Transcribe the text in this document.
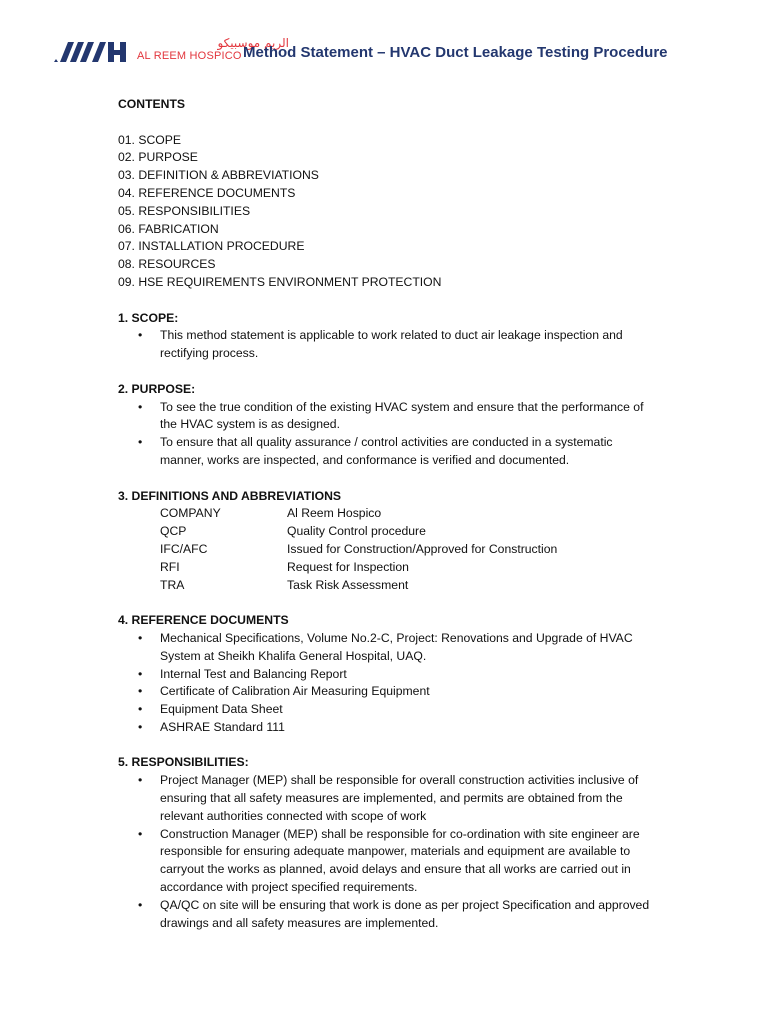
الريم موسبيكو
AL REEM HOSPICO Method Statement – HVAC Duct Leakage Testing Procedure
CONTENTS
01. SCOPE
02. PURPOSE
03. DEFINITION & ABBREVIATIONS
04. REFERENCE DOCUMENTS
05. RESPONSIBILITIES
06. FABRICATION
07. INSTALLATION PROCEDURE
08. RESOURCES
09. HSE REQUIREMENTS ENVIRONMENT PROTECTION
1. SCOPE:
• This method statement is applicable to work related to duct air leakage inspection and rectifying process.
2. PURPOSE:
• To see the true condition of the existing HVAC system and ensure that the performance of the HVAC system is as designed.
• To ensure that all quality assurance / control activities are conducted in a systematic manner, works are inspected, and conformance is verified and documented.
3. DEFINITIONS AND ABBREVIATIONS
COMPANY	Al Reem Hospico
QCP	Quality Control procedure
IFC/AFC	Issued for Construction/Approved for Construction
RFI	Request for Inspection
TRA	Task Risk Assessment
4. REFERENCE DOCUMENTS
• Mechanical Specifications, Volume No.2-C, Project: Renovations and Upgrade of HVAC System at Sheikh Khalifa General Hospital, UAQ.
• Internal Test and Balancing Report
• Certificate of Calibration Air Measuring Equipment
• Equipment Data Sheet
• ASHRAE Standard 111
5. RESPONSIBILITIES:
• Project Manager (MEP) shall be responsible for overall construction activities inclusive of ensuring that all safety measures are implemented, and permits are obtained from the relevant authorities connected with scope of work
• Construction Manager (MEP) shall be responsible for co-ordination with site engineer are responsible for ensuring adequate manpower, materials and equipment are available to carryout the works as planned, avoid delays and ensure that all works are carried out in accordance with project specified requirements.
• QA/QC on site will be ensuring that work is done as per project Specification and approved drawings and all safety measures are implemented.
